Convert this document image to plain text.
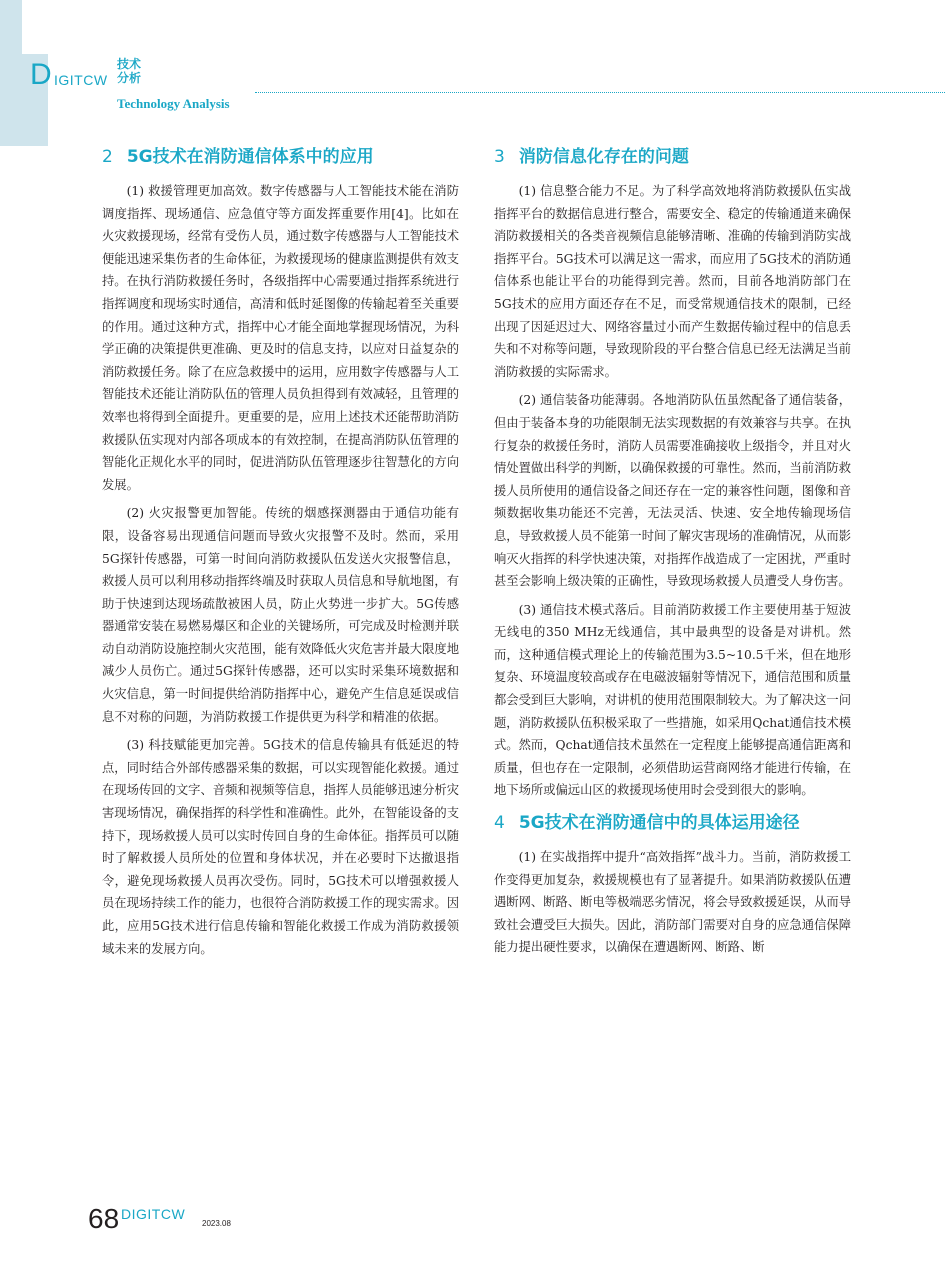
D IGITCW
技术
分析
Technology Analysis
2 5G技术在消防通信体系中的应用

(1) 救援管理更加高效。数字传感器与人工智能技术能在消防调度指挥、现场通信、应急值守等方面发挥重要作用[4]。比如在火灾救援现场，经常有受伤人员，通过数字传感器与人工智能技术便能迅速采集伤者的生命体征，为救援现场的健康监测提供有效支持。在执行消防救援任务时，各级指挥中心需要通过指挥系统进行指挥调度和现场实时通信，高清和低时延图像的传输起着至关重要的作用。通过这种方式，指挥中心才能全面地掌握现场情况，为科学正确的决策提供更准确、更及时的信息支持，以应对日益复杂的消防救援任务。除了在应急救援中的运用，应用数字传感器与人工智能技术还能让消防队伍的管理人员负担得到有效减轻，且管理的效率也将得到全面提升。更重要的是，应用上述技术还能帮助消防救援队伍实现对内部各项成本的有效控制，在提高消防队伍管理的智能化正规化水平的同时，促进消防队伍管理逐步往智慧化的方向发展。

(2) 火灾报警更加智能。传统的烟感探测器由于通信功能有限，设备容易出现通信问题而导致火灾报警不及时。然而，采用5G探针传感器，可第一时间向消防救援队伍发送火灾报警信息，救援人员可以利用移动指挥终端及时获取人员信息和导航地图，有助于快速到达现场疏散被困人员，防止火势进一步扩大。5G传感器通常安装在易燃易爆区和企业的关键场所，可完成及时检测并联动自动消防设施控制火灾范围，能有效降低火灾危害并最大限度地减少人员伤亡。通过5G探针传感器，还可以实时采集环境数据和火灾信息，第一时间提供给消防指挥中心，避免产生信息延误或信息不对称的问题，为消防救援工作提供更为科学和精准的依据。

(3) 科技赋能更加完善。5G技术的信息传输具有低延迟的特点，同时结合外部传感器采集的数据，可以实现智能化救援。通过在现场传回的文字、音频和视频等信息，指挥人员能够迅速分析灾害现场情况，确保指挥的科学性和准确性。此外，在智能设备的支持下，现场救援人员可以实时传回自身的生命体征。指挥员可以随时了解救援人员所处的位置和身体状况，并在必要时下达撤退指令，避免现场救援人员再次受伤。同时，5G技术可以增强救援人员在现场持续工作的能力，也很符合消防救援工作的现实需求。因此，应用5G技术进行信息传输和智能化救援工作成为消防救援领域未来的发展方向。

3 消防信息化存在的问题

(1) 信息整合能力不足。为了科学高效地将消防救援队伍实战指挥平台的数据信息进行整合，需要安全、稳定的传输通道来确保消防救援相关的各类音视频信息能够清晰、准确的传输到消防实战指挥平台。5G技术可以满足这一需求，而应用了5G技术的消防通信体系也能让平台的功能得到完善。然而，目前各地消防部门在5G技术的应用方面还存在不足，而受常规通信技术的限制，已经出现了因延迟过大、网络容量过小而产生数据传输过程中的信息丢失和不对称等问题，导致现阶段的平台整合信息已经无法满足当前消防救援的实际需求。

(2) 通信装备功能薄弱。各地消防队伍虽然配备了通信装备，但由于装备本身的功能限制无法实现数据的有效兼容与共享。在执行复杂的救援任务时，消防人员需要准确接收上级指令，并且对火情处置做出科学的判断，以确保救援的可靠性。然而，当前消防救援人员所使用的通信设备之间还存在一定的兼容性问题，图像和音频数据收集功能还不完善，无法灵活、快速、安全地传输现场信息，导致救援人员不能第一时间了解灾害现场的准确情况，从而影响灭火指挥的科学快速决策，对指挥作战造成了一定困扰，严重时甚至会影响上级决策的正确性，导致现场救援人员遭受人身伤害。

(3) 通信技术模式落后。目前消防救援工作主要使用基于短波无线电的350 MHz无线通信，其中最典型的设备是对讲机。然而，这种通信模式理论上的传输范围为3.5~10.5千米，但在地形复杂、环境温度较高或存在电磁波辐射等情况下，通信范围和质量都会受到巨大影响，对讲机的使用范围限制较大。为了解决这一问题，消防救援队伍积极采取了一些措施，如采用Qchat通信技术模式。然而，Qchat通信技术虽然在一定程度上能够提高通信距离和质量，但也存在一定限制，必须借助运营商网络才能进行传输，在地下场所或偏远山区的救援现场使用时会受到很大的影响。

4 5G技术在消防通信中的具体运用途径

(1) 在实战指挥中提升“高效指挥”战斗力。当前，消防救援工作变得更加复杂，救援规模也有了显著提升。如果消防救援队伍遭遇断网、断路、断电等极端恶劣情况，将会导致救援延误，从而导致社会遭受巨大损失。因此，消防部门需要对自身的应急通信保障能力提出硬性要求，以确保在遭遇断网、断路、断

68 DIGITCW
2023.08
